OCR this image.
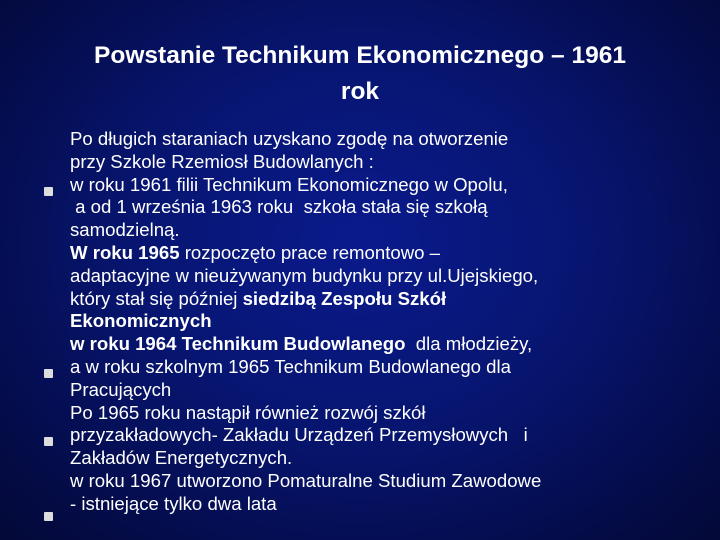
Powstanie Technikum Ekonomicznego – 1961
rok
Po długich staraniach uzyskano zgodę na otworzenie
przy Szkole Rzemiosł Budowlanych :
w roku 1961 filii Technikum Ekonomicznego w Opolu,
a od 1 września 1963 roku  szkoła stała się szkołą
samodzielną.
W roku 1965 rozpoczęto prace remontowo –
adaptacyjne w nieużywanym budynku przy ul.Ujejskiego,
który stał się później siedzibą Zespołu Szkół
Ekonomicznych
w roku 1964 Technikum Budowlanego  dla młodzieży,
a w roku szkolnym 1965 Technikum Budowlanego dla
Pracujących
Po 1965 roku nastąpił również rozwój szkół
przyzakładowych- Zakładu Urządzeń Przemysłowych   i
Zakładów Energetycznych.
w roku 1967 utworzono Pomaturalne Studium Zawodowe
- istniejące tylko dwa lata
